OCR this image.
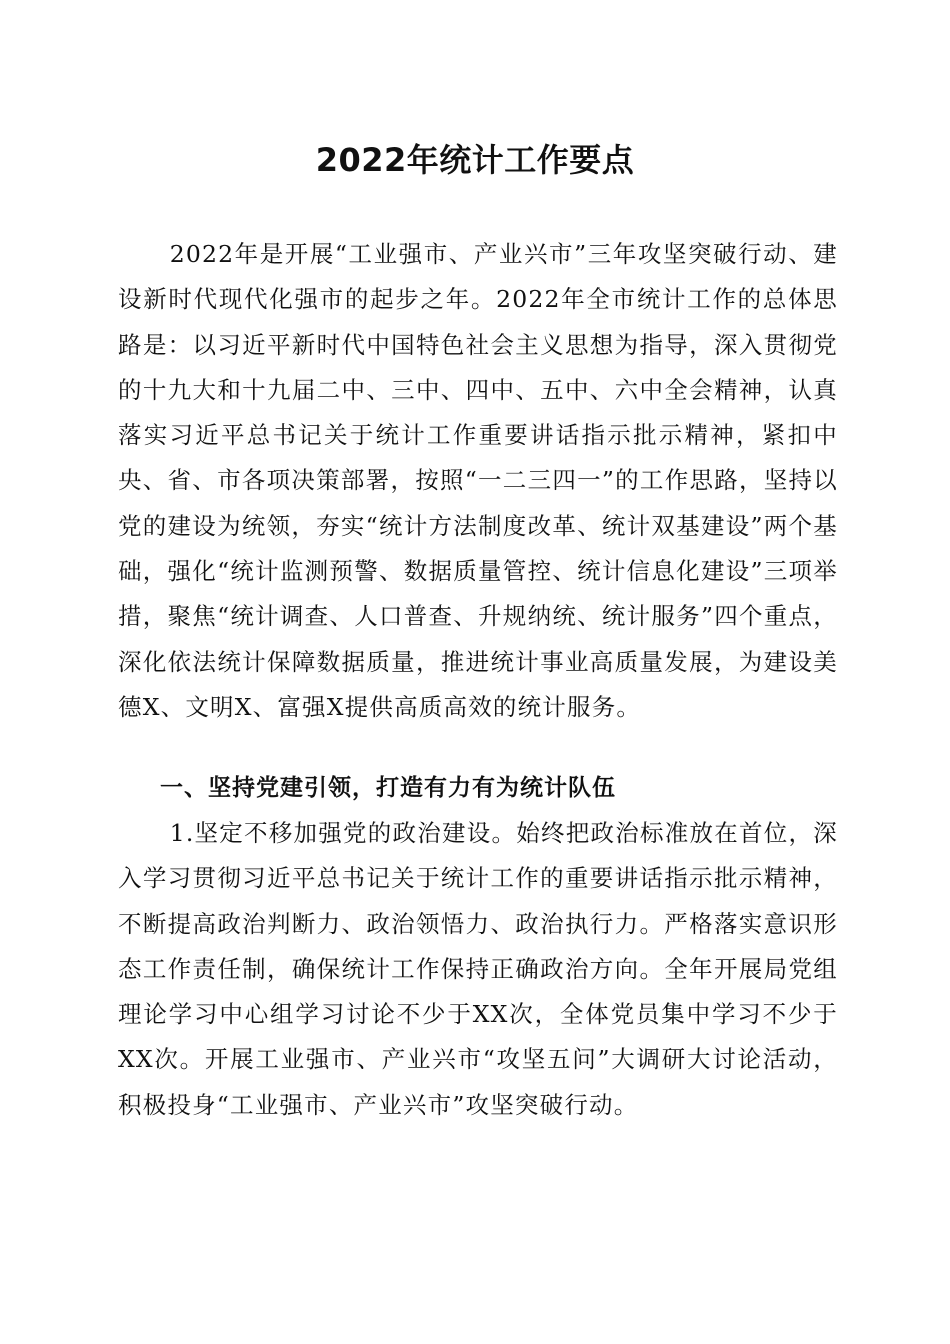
2022年统计工作要点

2022年是开展“工业强市、产业兴市”三年攻坚突破行动、建设新时代现代化强市的起步之年。2022年全市统计工作的总体思路是：以习近平新时代中国特色社会主义思想为指导，深入贯彻党的十九大和十九届二中、三中、四中、五中、六中全会精神，认真落实习近平总书记关于统计工作重要讲话指示批示精神，紧扣中央、省、市各项决策部署，按照“一二三四一”的工作思路，坚持以党的建设为统领，夯实“统计方法制度改革、统计双基建设”两个基础，强化“统计监测预警、数据质量管控、统计信息化建设”三项举措，聚焦“统计调查、人口普查、升规纳统、统计服务”四个重点，深化依法统计保障数据质量，推进统计事业高质量发展，为建设美德X、文明X、富强X提供高质高效的统计服务。

一、坚持党建引领，打造有力有为统计队伍

1.坚定不移加强党的政治建设。始终把政治标准放在首位，深入学习贯彻习近平总书记关于统计工作的重要讲话指示批示精神，不断提高政治判断力、政治领悟力、政治执行力。严格落实意识形态工作责任制，确保统计工作保持正确政治方向。全年开展局党组理论学习中心组学习讨论不少于XX次，全体党员集中学习不少于XX次。开展工业强市、产业兴市“攻坚五问”大调研大讨论活动，积极投身“工业强市、产业兴市”攻坚突破行动。
